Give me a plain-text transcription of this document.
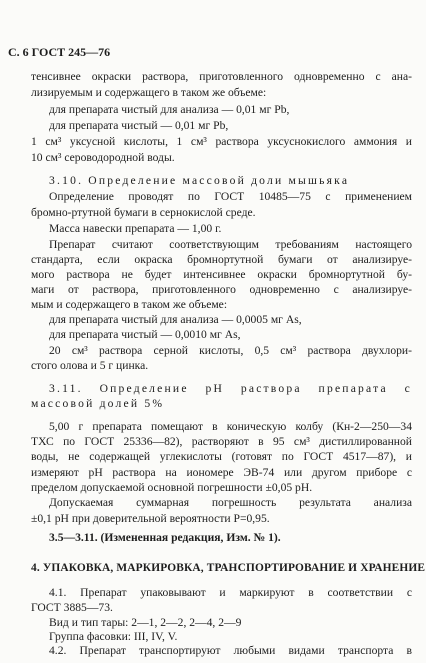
С. 6 ГОСТ 245—76
тенсивнее окраски раствора, приготовленного одновременно с ана-
лизируемым и содержащего в таком же объеме:
для препарата чистый для анализа — 0,01 мг Pb,
для препарата чистый — 0,01 мг Pb,
1 см³ уксусной кислоты, 1 см³ раствора уксуснокислого аммония и
10 см³ сероводородной воды.
3.10. Определение массовой доли мышьяка
Определение проводят по ГОСТ 10485—75 с применением
бромно-ртутной бумаги в сернокислой среде.
Масса навески препарата — 1,00 г.
Препарат считают соответствующим требованиям настоящего
стандарта, если окраска бромнортутной бумаги от анализируе-
мого раствора не будет интенсивнее окраски бромнортутной бу-
маги от раствора, приготовленного одновременно с анализируе-
мым и содержащего в таком же объеме:
для препарата чистый для анализа — 0,0005 мг As,
для препарата чистый — 0,0010 мг As,
20 см³ раствора серной кислоты, 0,5 см³ раствора двухлори-
стого олова и 5 г цинка.
3.11. Определение pH раствора препарата с
массовой долей 5%
5,00 г препарата помещают в коническую колбу (Кн-2—250—34
ТХС по ГОСТ 25336—82), растворяют в 95 см³ дистиллированной
воды, не содержащей углекислоты (готовят по ГОСТ 4517—87), и
измеряют pH раствора на иономере ЭВ-74 или другом приборе с
пределом допускаемой основной погрешности ±0,05 pH.
Допускаемая суммарная погрешность результата анализа
±0,1 pH при доверительной вероятности P=0,95.
3.5—3.11. (Измененная редакция, Изм. № 1).
4. УПАКОВКА, МАРКИРОВКА, ТРАНСПОРТИРОВАНИЕ И ХРАНЕНИЕ
4.1. Препарат упаковывают и маркируют в соответствии с
ГОСТ 3885—73.
Вид и тип тары: 2—1, 2—2, 2—4, 2—9
Группа фасовки: III, IV, V.
4.2. Препарат транспортируют любыми видами транспорта в
